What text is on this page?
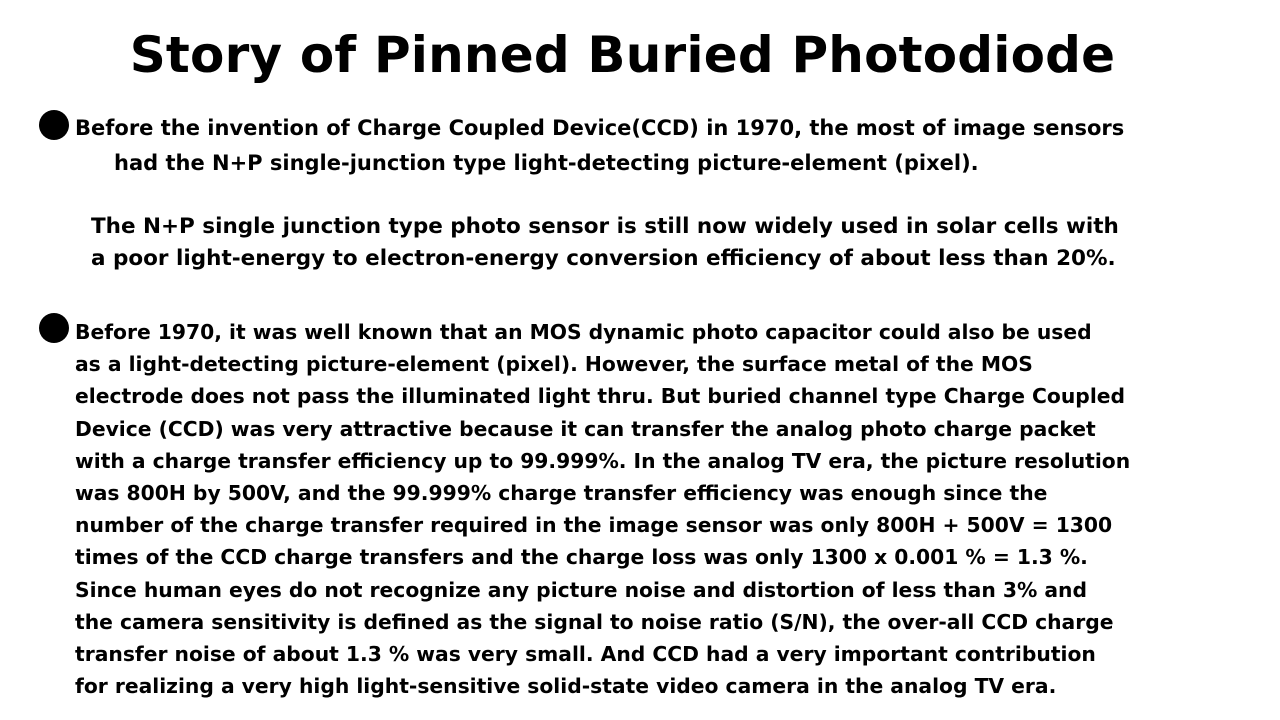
Story of Pinned Buried Photodiode
Before the invention of Charge Coupled Device(CCD) in 1970, the most of image sensors
had the N+P single-junction type light-detecting picture-element (pixel).
The N+P single junction type photo sensor is still now widely used in solar cells with
a poor light-energy to electron-energy conversion efficiency of about less than 20%.
Before 1970, it was well known that an MOS dynamic photo capacitor could also be used
as a light-detecting picture-element (pixel). However, the surface metal of the MOS
electrode does not pass the illuminated light thru. But buried channel type Charge Coupled
Device (CCD) was very attractive because it can transfer the analog photo charge packet
with a charge transfer efficiency up to 99.999%. In the analog TV era, the picture resolution
was 800H by 500V, and the 99.999% charge transfer efficiency was enough since the
number of the charge transfer required in the image sensor was only 800H + 500V = 1300
times of the CCD charge transfers and the charge loss was only 1300 x 0.001 % = 1.3 %.
Since human eyes do not recognize any picture noise and distortion of less than 3% and
the camera sensitivity is defined as the signal to noise ratio (S/N), the over-all CCD charge
transfer noise of about 1.3 % was very small. And CCD had a very important contribution
for realizing a very high light-sensitive solid-state video camera in the analog TV era.
